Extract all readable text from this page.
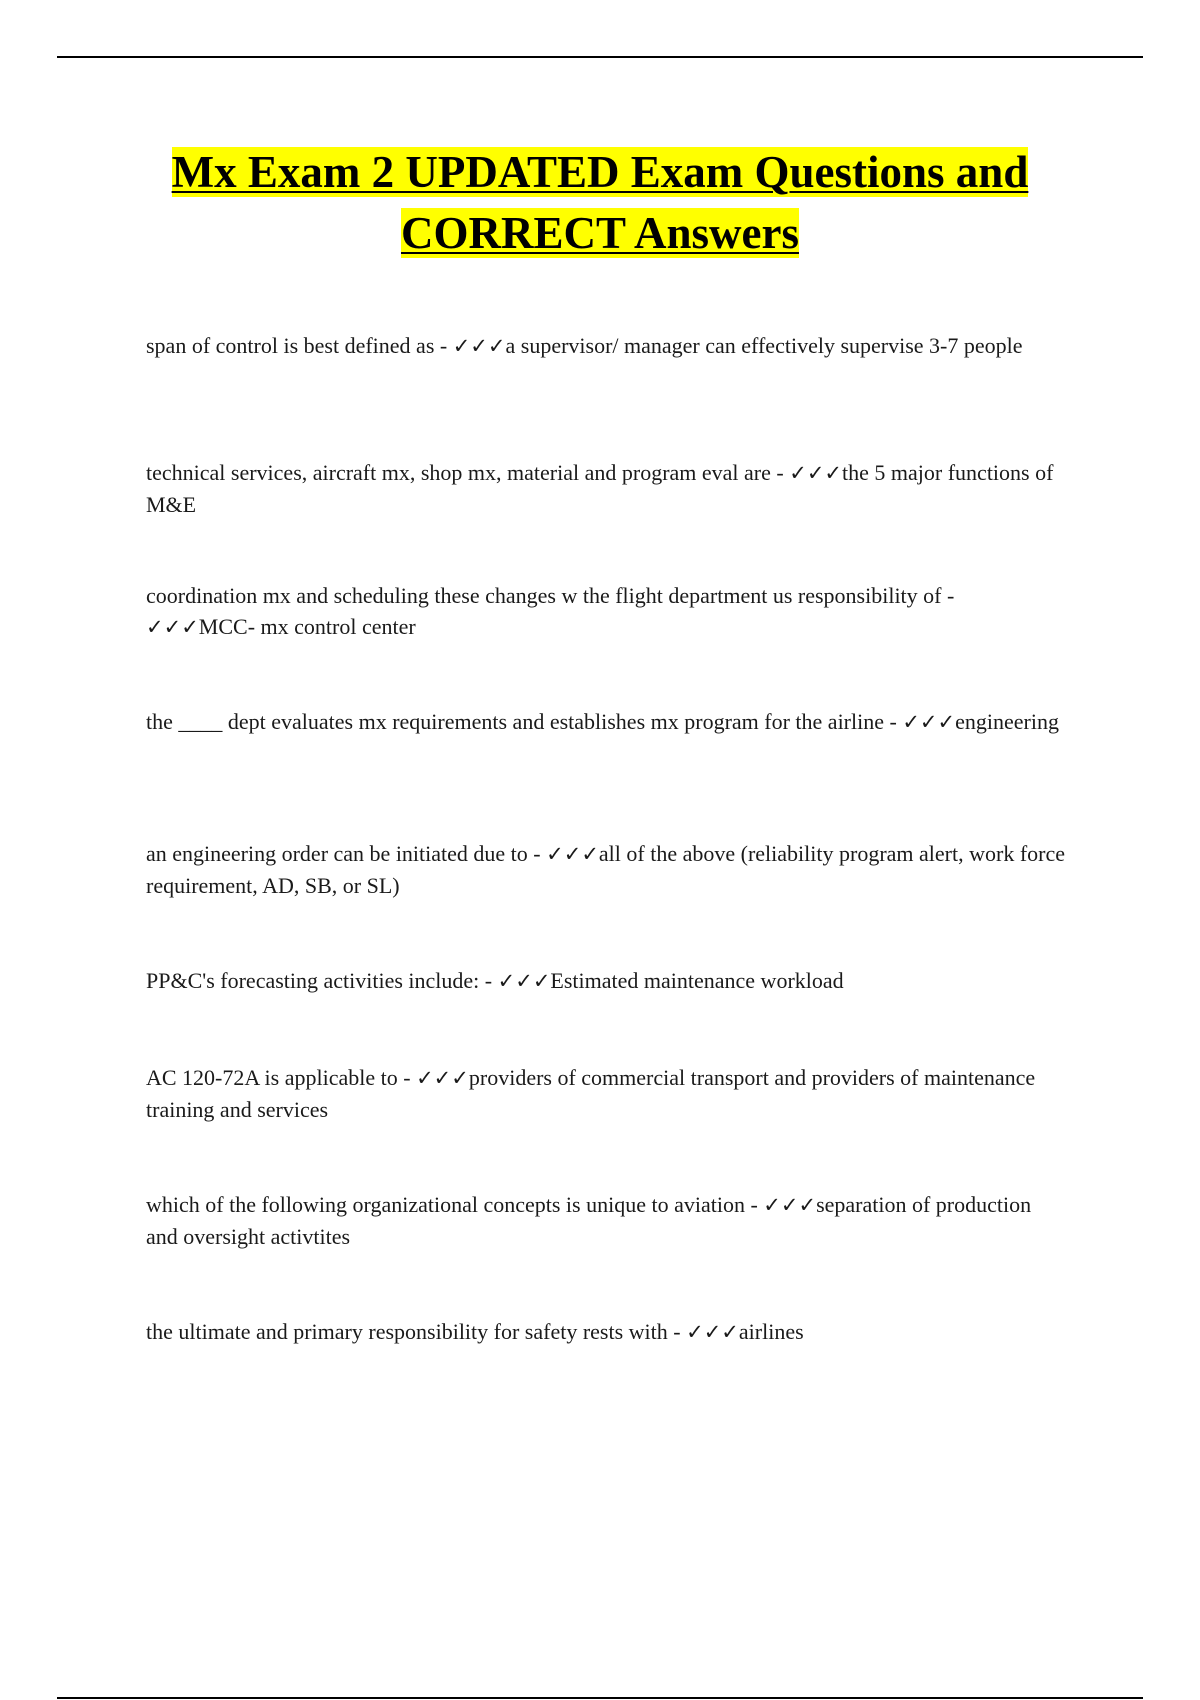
Mx Exam 2 UPDATED Exam Questions and
CORRECT Answers

span of control is best defined as - ✓✓✓a supervisor/ manager can effectively supervise 3-7 people

technical services, aircraft mx, shop mx, material and program eval are - ✓✓✓the 5 major functions of M&E

coordination mx and scheduling these changes w the flight department us responsibility of - ✓✓✓MCC- mx control center

the ____ dept evaluates mx requirements and establishes mx program for the airline - ✓✓✓engineering

an engineering order can be initiated due to - ✓✓✓all of the above (reliability program alert, work force requirement, AD, SB, or SL)

PP&C's forecasting activities include: - ✓✓✓Estimated maintenance workload

AC 120-72A is applicable to - ✓✓✓providers of commercial transport and providers of maintenance training and services

which of the following organizational concepts is unique to aviation - ✓✓✓separation of production and oversight activtites

the ultimate and primary responsibility for safety rests with - ✓✓✓airlines
